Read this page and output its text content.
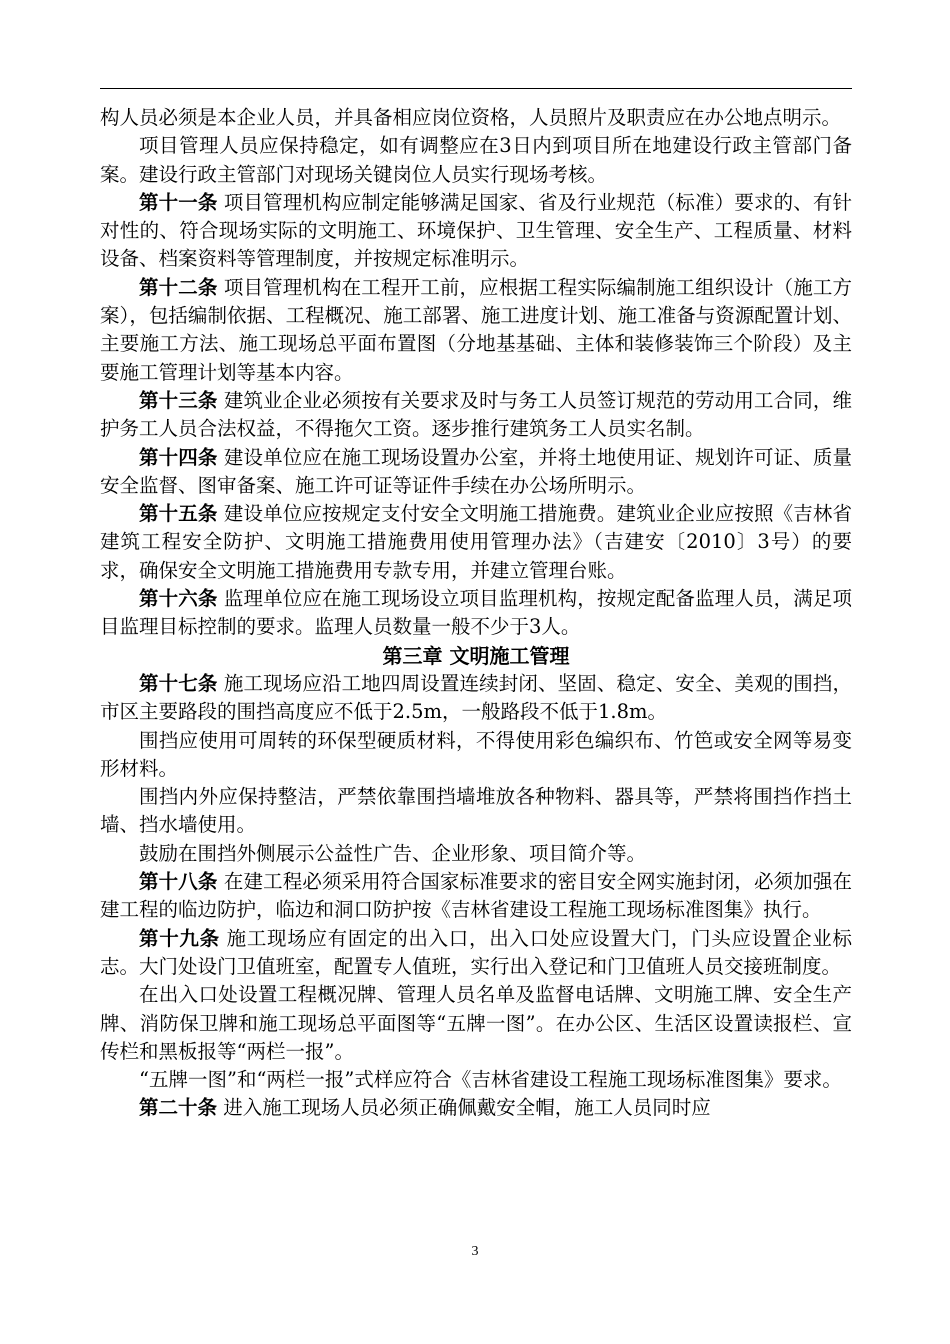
构人员必须是本企业人员，并具备相应岗位资格，人员照片及职责应在办公地点明示。

项目管理人员应保持稳定，如有调整应在3日内到项目所在地建设行政主管部门备案。建设行政主管部门对现场关键岗位人员实行现场考核。

第十一条 项目管理机构应制定能够满足国家、省及行业规范（标准）要求的、有针对性的、符合现场实际的文明施工、环境保护、卫生管理、安全生产、工程质量、材料设备、档案资料等管理制度，并按规定标准明示。

第十二条 项目管理机构在工程开工前，应根据工程实际编制施工组织设计（施工方案），包括编制依据、工程概况、施工部署、施工进度计划、施工准备与资源配置计划、主要施工方法、施工现场总平面布置图（分地基基础、主体和装修装饰三个阶段）及主要施工管理计划等基本内容。

第十三条 建筑业企业必须按有关要求及时与务工人员签订规范的劳动用工合同，维护务工人员合法权益，不得拖欠工资。逐步推行建筑务工人员实名制。

第十四条 建设单位应在施工现场设置办公室，并将土地使用证、规划许可证、质量安全监督、图审备案、施工许可证等证件手续在办公场所明示。

第十五条 建设单位应按规定支付安全文明施工措施费。建筑业企业应按照《吉林省建筑工程安全防护、文明施工措施费用使用管理办法》（吉建安〔2010〕3号）的要求，确保安全文明施工措施费用专款专用，并建立管理台账。

第十六条 监理单位应在施工现场设立项目监理机构，按规定配备监理人员，满足项目监理目标控制的要求。监理人员数量一般不少于3人。

第三章 文明施工管理

第十七条 施工现场应沿工地四周设置连续封闭、坚固、稳定、安全、美观的围挡，市区主要路段的围挡高度应不低于2.5m，一般路段不低于1.8m。

围挡应使用可周转的环保型硬质材料，不得使用彩色编织布、竹笆或安全网等易变形材料。

围挡内外应保持整洁，严禁依靠围挡墙堆放各种物料、器具等，严禁将围挡作挡土墙、挡水墙使用。

鼓励在围挡外侧展示公益性广告、企业形象、项目简介等。

第十八条 在建工程必须采用符合国家标准要求的密目安全网实施封闭，必须加强在建工程的临边防护，临边和洞口防护按《吉林省建设工程施工现场标准图集》执行。

第十九条 施工现场应有固定的出入口，出入口处应设置大门，门头应设置企业标志。大门处设门卫值班室，配置专人值班，实行出入登记和门卫值班人员交接班制度。

在出入口处设置工程概况牌、管理人员名单及监督电话牌、文明施工牌、安全生产牌、消防保卫牌和施工现场总平面图等“五牌一图”。在办公区、生活区设置读报栏、宣传栏和黑板报等“两栏一报”。

“五牌一图”和“两栏一报”式样应符合《吉林省建设工程施工现场标准图集》要求。

第二十条 进入施工现场人员必须正确佩戴安全帽，施工人员同时应

3
